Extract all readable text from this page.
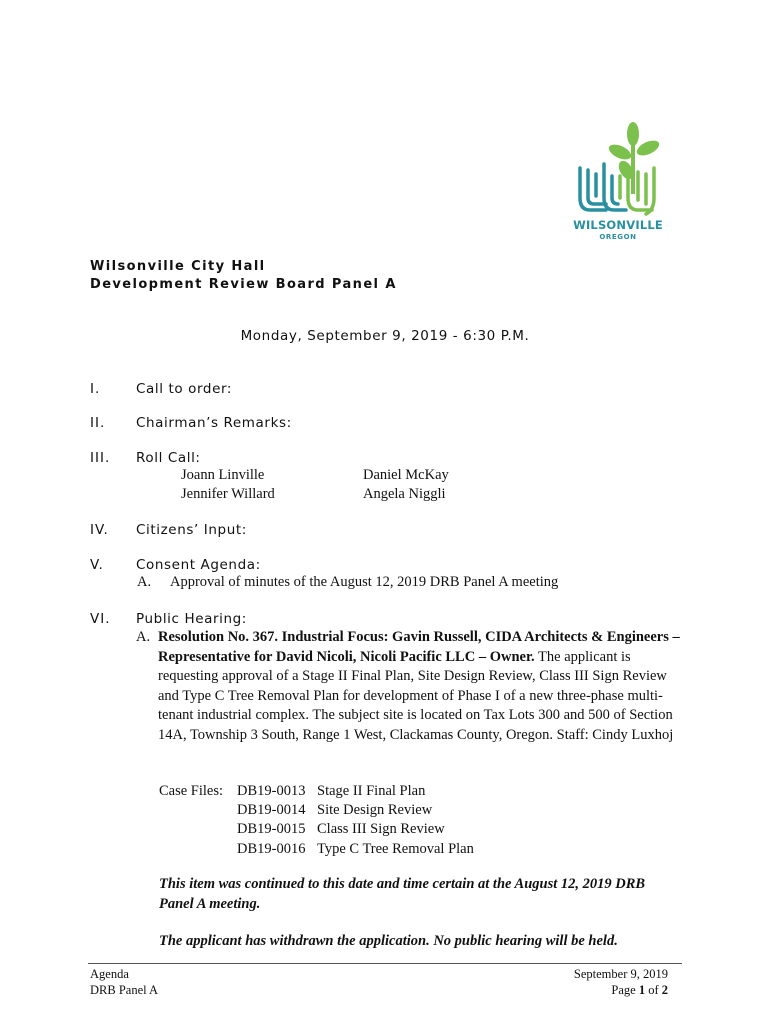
WILSONVILLE
OREGON
Wilsonville City Hall
Development Review Board Panel A
Monday, September 9, 2019 - 6:30 P.M.
I.	Call to order:
II. Chairman’s Remarks:
III. Roll Call:
Joann Linville	Daniel McKay
Jennifer Willard	Angela Niggli
IV. Citizens’ Input:
V. Consent Agenda:
A. Approval of minutes of the August 12, 2019 DRB Panel A meeting
VI. Public Hearing:
A. Resolution No. 367. Industrial Focus: Gavin Russell, CIDA Architects & Engineers – Representative for David Nicoli, Nicoli Pacific LLC – Owner. The applicant is requesting approval of a Stage II Final Plan, Site Design Review, Class III Sign Review and Type C Tree Removal Plan for development of Phase I of a new three-phase multi-tenant industrial complex. The subject site is located on Tax Lots 300 and 500 of Section 14A, Township 3 South, Range 1 West, Clackamas County, Oregon. Staff: Cindy Luxhoj
Case Files: DB19-0013 Stage II Final Plan
DB19-0014 Site Design Review
DB19-0015 Class III Sign Review
DB19-0016 Type C Tree Removal Plan
This item was continued to this date and time certain at the August 12, 2019 DRB Panel A meeting.
The applicant has withdrawn the application. No public hearing will be held.
Agenda
DRB Panel A
September 9, 2019
Page 1 of 2
